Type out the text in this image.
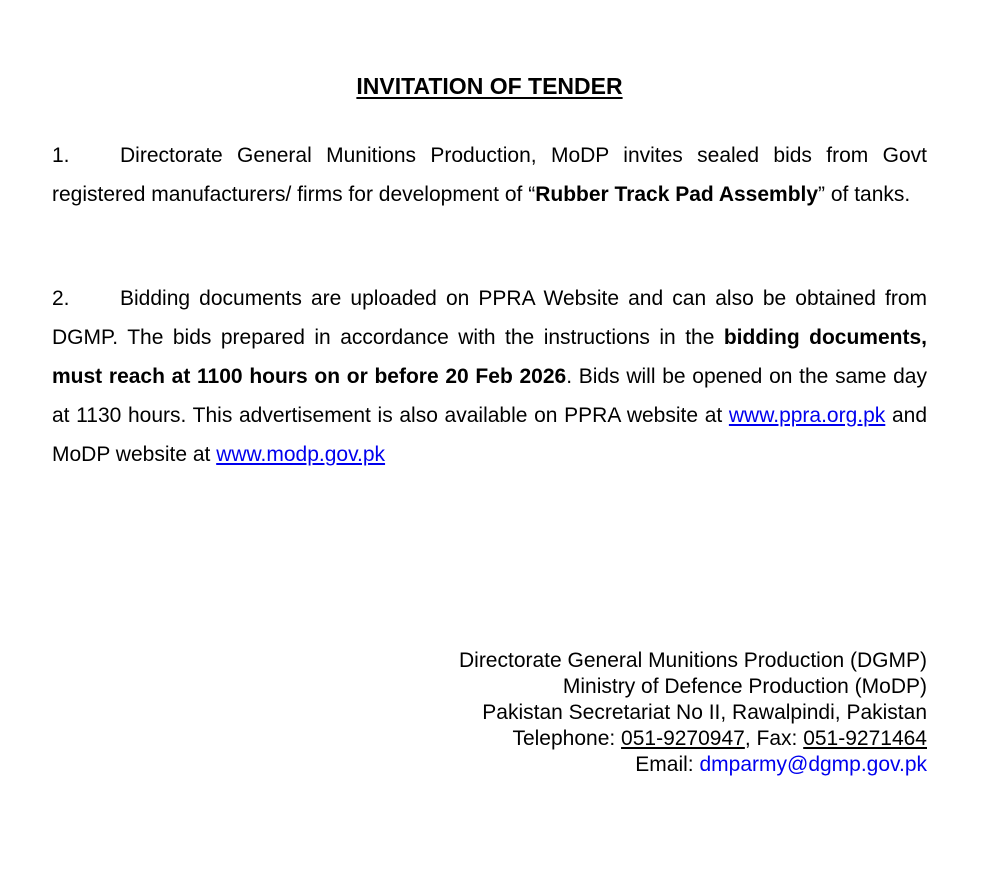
INVITATION OF TENDER
1. Directorate General Munitions Production, MoDP invites sealed bids from Govt registered manufacturers/ firms for development of “Rubber Track Pad Assembly” of tanks.
2. Bidding documents are uploaded on PPRA Website and can also be obtained from DGMP. The bids prepared in accordance with the instructions in the bidding documents, must reach at 1100 hours on or before 20 Feb 2026. Bids will be opened on the same day at 1130 hours. This advertisement is also available on PPRA website at www.ppra.org.pk and MoDP website at www.modp.gov.pk
Directorate General Munitions Production (DGMP)
Ministry of Defence Production (MoDP)
Pakistan Secretariat No II, Rawalpindi, Pakistan
Telephone: 051-9270947, Fax: 051-9271464
Email: dmparmy@dgmp.gov.pk
